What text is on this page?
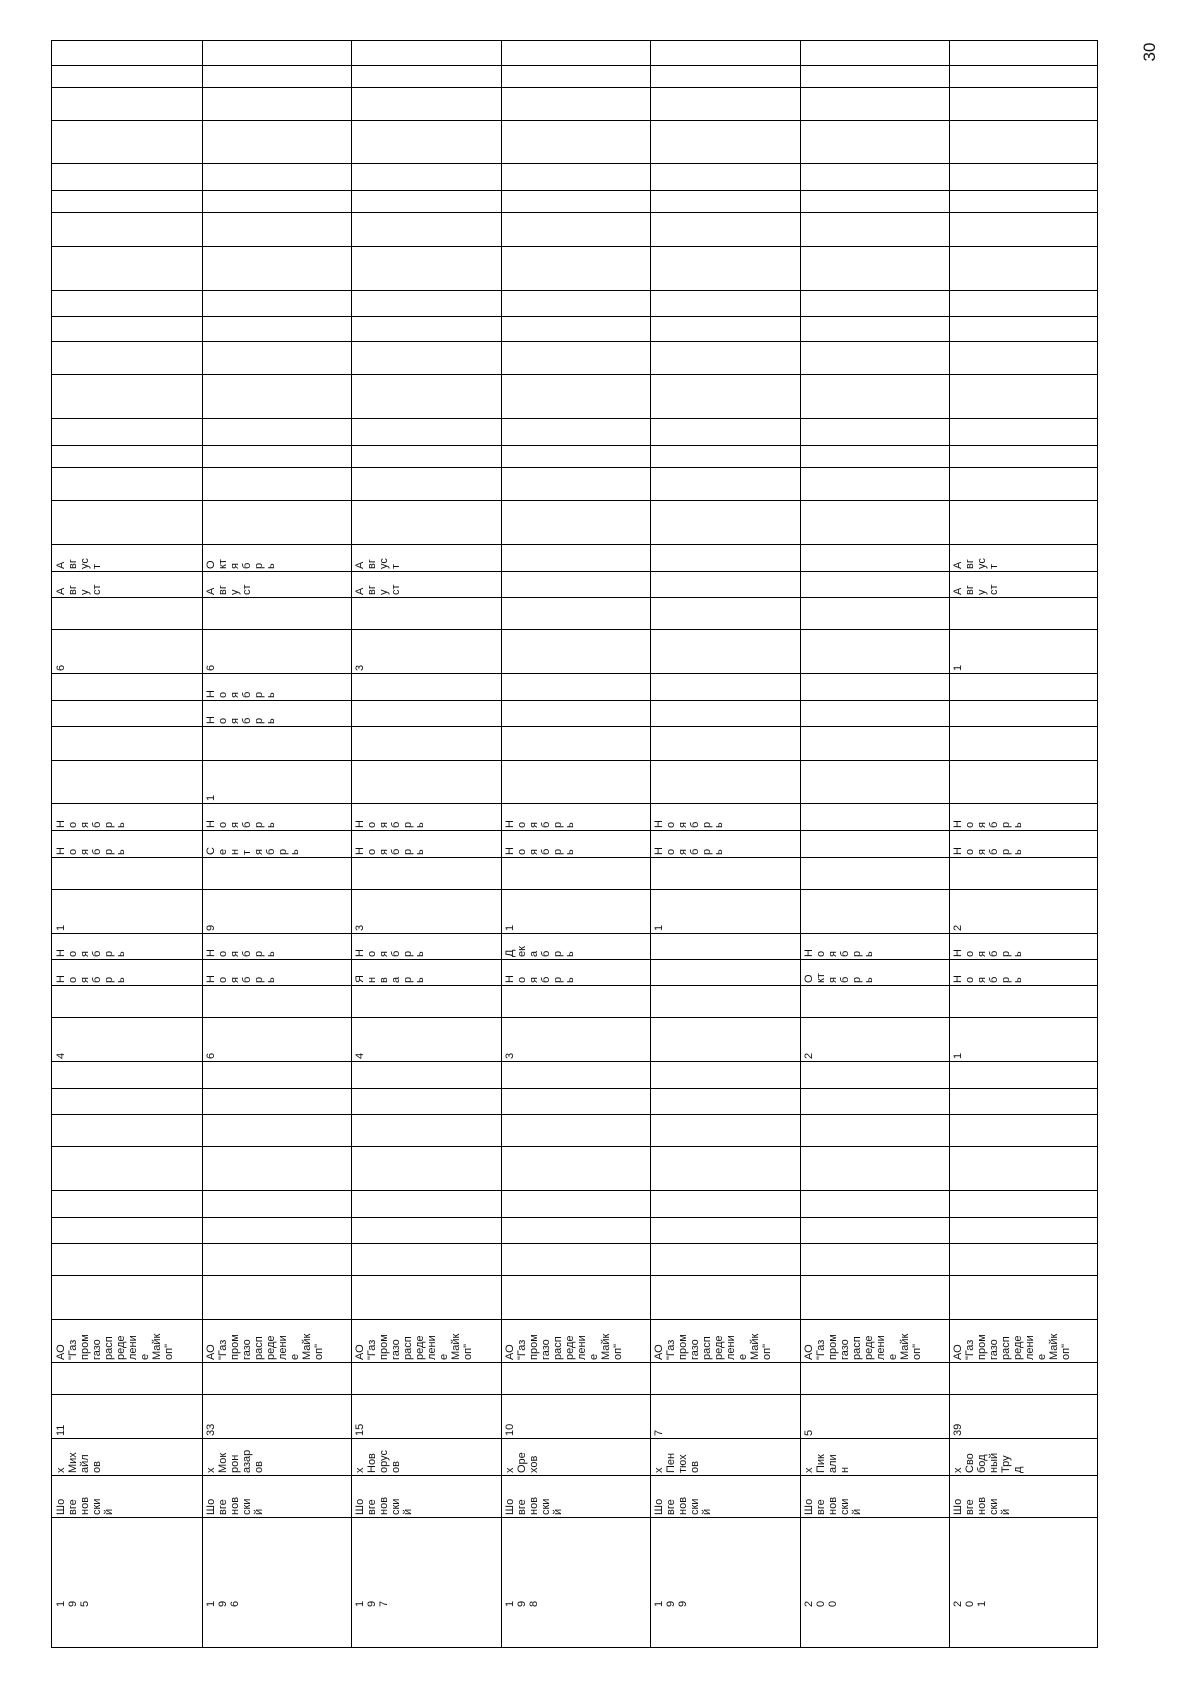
30
А вг ус т
А вг у ст
6
Н о я б р ь
Н о я б р ь
1
Н о я б р ь
Н о я б р ь
4
АО "Газ пром газо расп реде лени е Майк оп"
11
х Мих айл ов
Шо вге нов ски й
1 9 5
О кт я б р ь
А вг у ст
6
Н о я б р ь
Н о я б р ь
1
Н о я б р ь
С е н т я б р ь
9
Н о я б р ь
Н о я б р ь
6
АО "Газ пром газо расп реде лени е Майк оп"
33
х Мок рон азар ов
Шо вге нов ски й
1 9 6
А вг ус т
А вг у ст
3
Н о я б р ь
Н о я б р ь
3
Н о я б р ь
Я н в а р ь
4
АО "Газ пром газо расп реде лени е Майк оп"
15
х Нов орус ов
Шо вге нов ски й
1 9 7
Н о я б р ь
Н о я б р ь
1
Д ек а б р ь
Н о я б р ь
3
АО "Газ пром газо расп реде лени е Майк оп"
10
х Оре хов
Шо вге нов ски й
1 9 8
Н о я б р ь
Н о я б р ь
1
АО "Газ пром газо расп реде лени е Майк оп"
7
х Пен тюх ов
Шо вге нов ски й
1 9 9
Н о я б р ь
О кт я б р ь
2
АО "Газ пром газо расп реде лени е Майк оп"
5
х Пик али н
Шо вге нов ски й
2 0 0
А вг ус т
А вг у ст
1
Н о я б р ь
Н о я б р ь
2
Н о я б р ь
Н о я б р ь
1
АО "Газ пром газо расп реде лени е Майк оп"
39
х Сво бод ный Тру д
Шо вге нов ски й
2 0 1
